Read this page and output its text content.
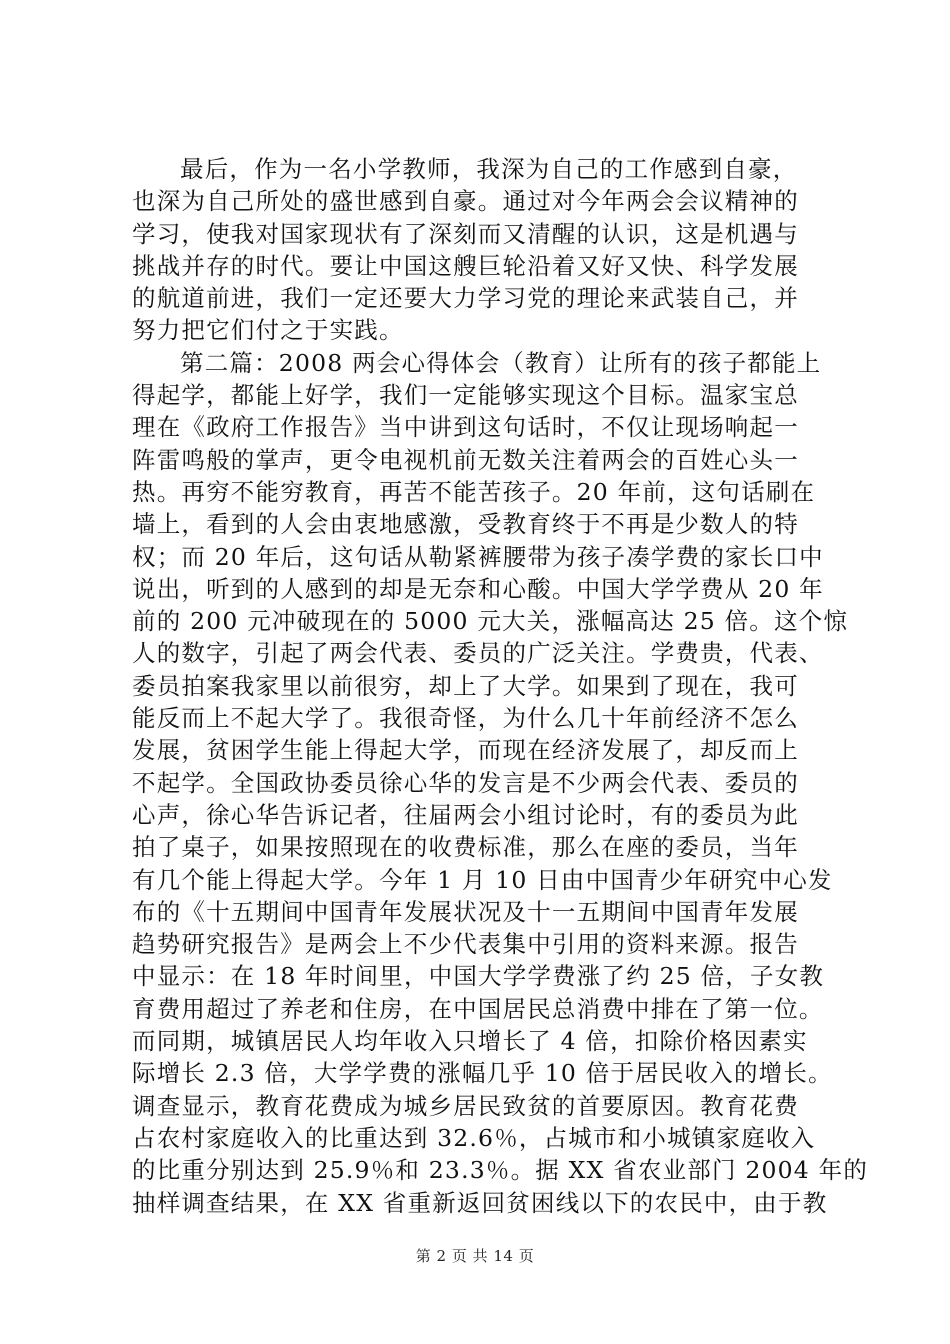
最后，作为一名小学教师，我深为自己的工作感到自豪，
也深为自己所处的盛世感到自豪。通过对今年两会会议精神的
学习，使我对国家现状有了深刻而又清醒的认识，这是机遇与
挑战并存的时代。要让中国这艘巨轮沿着又好又快、科学发展
的航道前进，我们一定还要大力学习党的理论来武装自己，并
努力把它们付之于实践。
第二篇：2008 两会心得体会（教育）让所有的孩子都能上
得起学，都能上好学，我们一定能够实现这个目标。温家宝总
理在《政府工作报告》当中讲到这句话时，不仅让现场响起一
阵雷鸣般的掌声，更令电视机前无数关注着两会的百姓心头一
热。再穷不能穷教育，再苦不能苦孩子。20 年前，这句话刷在
墙上，看到的人会由衷地感激，受教育终于不再是少数人的特
权；而 20 年后，这句话从勒紧裤腰带为孩子凑学费的家长口中
说出，听到的人感到的却是无奈和心酸。中国大学学费从 20 年
前的 200 元冲破现在的 5000 元大关，涨幅高达 25 倍。这个惊
人的数字，引起了两会代表、委员的广泛关注。学费贵，代表、
委员拍案我家里以前很穷，却上了大学。如果到了现在，我可
能反而上不起大学了。我很奇怪，为什么几十年前经济不怎么
发展，贫困学生能上得起大学，而现在经济发展了，却反而上
不起学。全国政协委员徐心华的发言是不少两会代表、委员的
心声，徐心华告诉记者，往届两会小组讨论时，有的委员为此
拍了桌子，如果按照现在的收费标准，那么在座的委员，当年
有几个能上得起大学。今年 1 月 10 日由中国青少年研究中心发
布的《十五期间中国青年发展状况及十一五期间中国青年发展
趋势研究报告》是两会上不少代表集中引用的资料来源。报告
中显示：在 18 年时间里，中国大学学费涨了约 25 倍，子女教
育费用超过了养老和住房，在中国居民总消费中排在了第一位。
而同期，城镇居民人均年收入只增长了 4 倍，扣除价格因素实
际增长 2.3 倍，大学学费的涨幅几乎 10 倍于居民收入的增长。
调查显示，教育花费成为城乡居民致贫的首要原因。教育花费
占农村家庭收入的比重达到 32.6％，占城市和小城镇家庭收入
的比重分别达到 25.9％和 23.3％。据 XX 省农业部门 2004 年的
抽样调查结果，在 XX 省重新返回贫困线以下的农民中，由于教
第 2 页 共 14 页
